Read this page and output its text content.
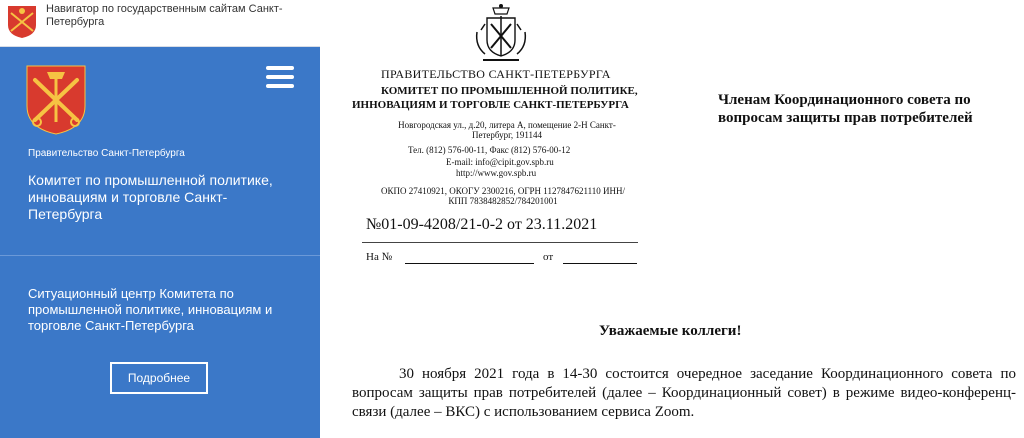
Навигатор по государственным сайтам Санкт-Петербурга
Правительство Санкт-Петербурга
Комитет по промышленной политике, инновациям и торговле Санкт-Петербурга
Ситуационный центр Комитета по промышленной политике, инновациям и торговле Санкт-Петербурга
Подробнее
ПРАВИТЕЛЬСТВО САНКТ-ПЕТЕРБУРГА
КОМИТЕТ ПО ПРОМЫШЛЕННОЙ ПОЛИТИКЕ,
ИННОВАЦИЯМ И ТОРГОВЛЕ САНКТ-ПЕТЕРБУРГА
Новгородская ул., д.20, литера А, помещение 2-Н Санкт-Петербург, 191144
Тел. (812) 576-00-11, Факс (812) 576-00-12
E-mail: info@cipit.gov.spb.ru
http://www.gov.spb.ru
ОКПО 27410921, ОКОГУ 2300216, ОГРН 1127847621110 ИНН/КПП 7838482852/784201001
№01-09-4208/21-0-2 от 23.11.2021
На №	от
Членам Координационного совета по вопросам защиты прав потребителей
Уважаемые коллеги!
30 ноября 2021 года в 14-30 состоится очередное заседание Координационного совета по вопросам защиты прав потребителей (далее – Координационный совет) в режиме видео-конференц-связи (далее – ВКС) с использованием сервиса Zoom.
